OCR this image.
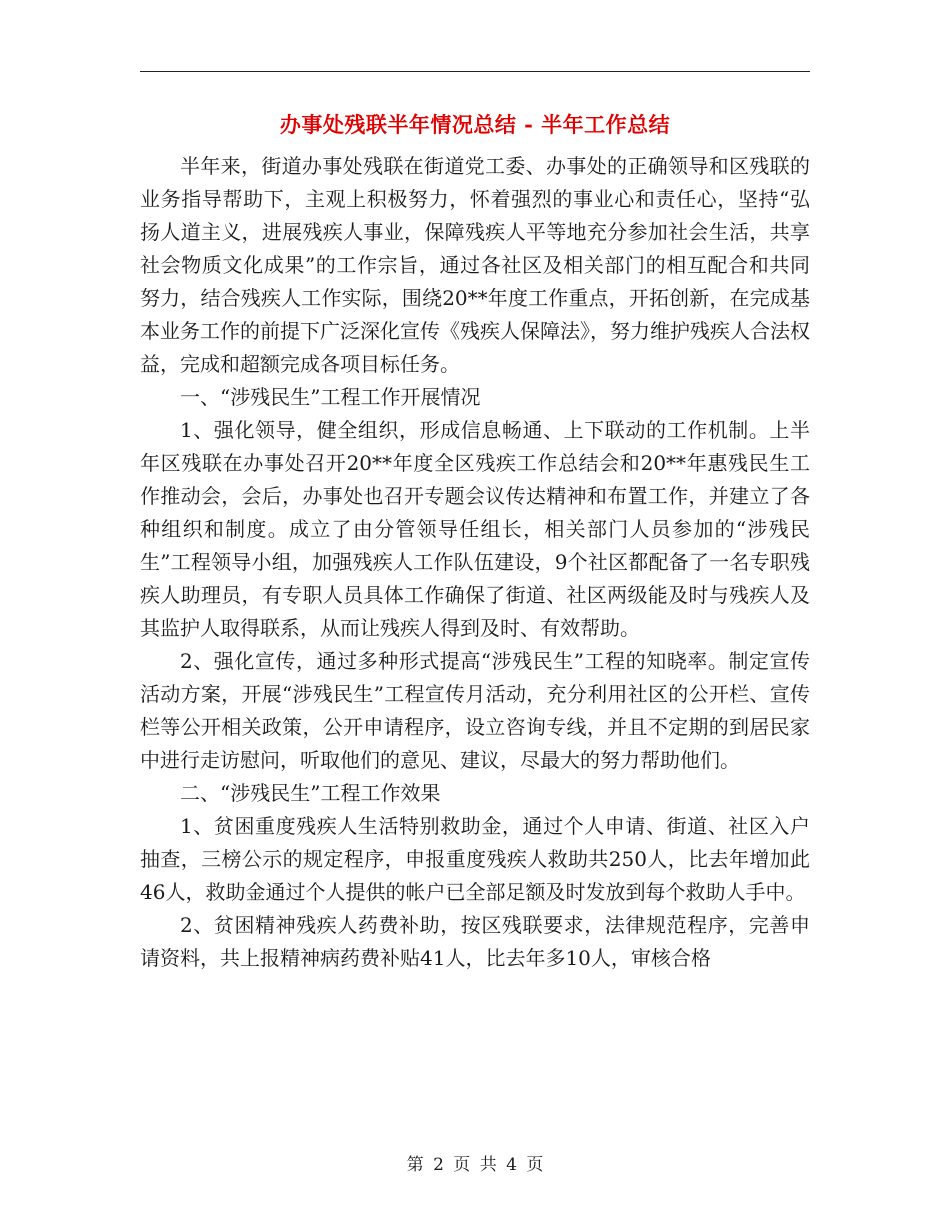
办事处残联半年情况总结 - 半年工作总结

半年来，街道办事处残联在街道党工委、办事处的正确领导和区残联的业务指导帮助下，主观上积极努力，怀着强烈的事业心和责任心，坚持“弘扬人道主义，进展残疾人事业，保障残疾人平等地充分参加社会生活，共享社会物质文化成果”的工作宗旨，通过各社区及相关部门的相互配合和共同努力，结合残疾人工作实际，围绕20**年度工作重点，开拓创新，在完成基本业务工作的前提下广泛深化宣传《残疾人保障法》，努力维护残疾人合法权益，完成和超额完成各项目标任务。

一、“涉残民生”工程工作开展情况

1、强化领导，健全组织，形成信息畅通、上下联动的工作机制。上半年区残联在办事处召开20**年度全区残疾工作总结会和20**年惠残民生工作推动会，会后，办事处也召开专题会议传达精神和布置工作，并建立了各种组织和制度。成立了由分管领导任组长，相关部门人员参加的“涉残民生”工程领导小组，加强残疾人工作队伍建设，9个社区都配备了一名专职残疾人助理员，有专职人员具体工作确保了街道、社区两级能及时与残疾人及其监护人取得联系，从而让残疾人得到及时、有效帮助。

2、强化宣传，通过多种形式提高“涉残民生”工程的知晓率。制定宣传活动方案，开展“涉残民生”工程宣传月活动，充分利用社区的公开栏、宣传栏等公开相关政策，公开申请程序，设立咨询专线，并且不定期的到居民家中进行走访慰问，听取他们的意见、建议，尽最大的努力帮助他们。

二、“涉残民生”工程工作效果

1、贫困重度残疾人生活特别救助金，通过个人申请、街道、社区入户抽查，三榜公示的规定程序，申报重度残疾人救助共250人，比去年增加此46人，救助金通过个人提供的帐户已全部足额及时发放到每个救助人手中。

2、贫困精神残疾人药费补助，按区残联要求，法律规范程序，完善申请资料，共上报精神病药费补贴41人，比去年多10人，审核合格

第 2 页 共 4 页
